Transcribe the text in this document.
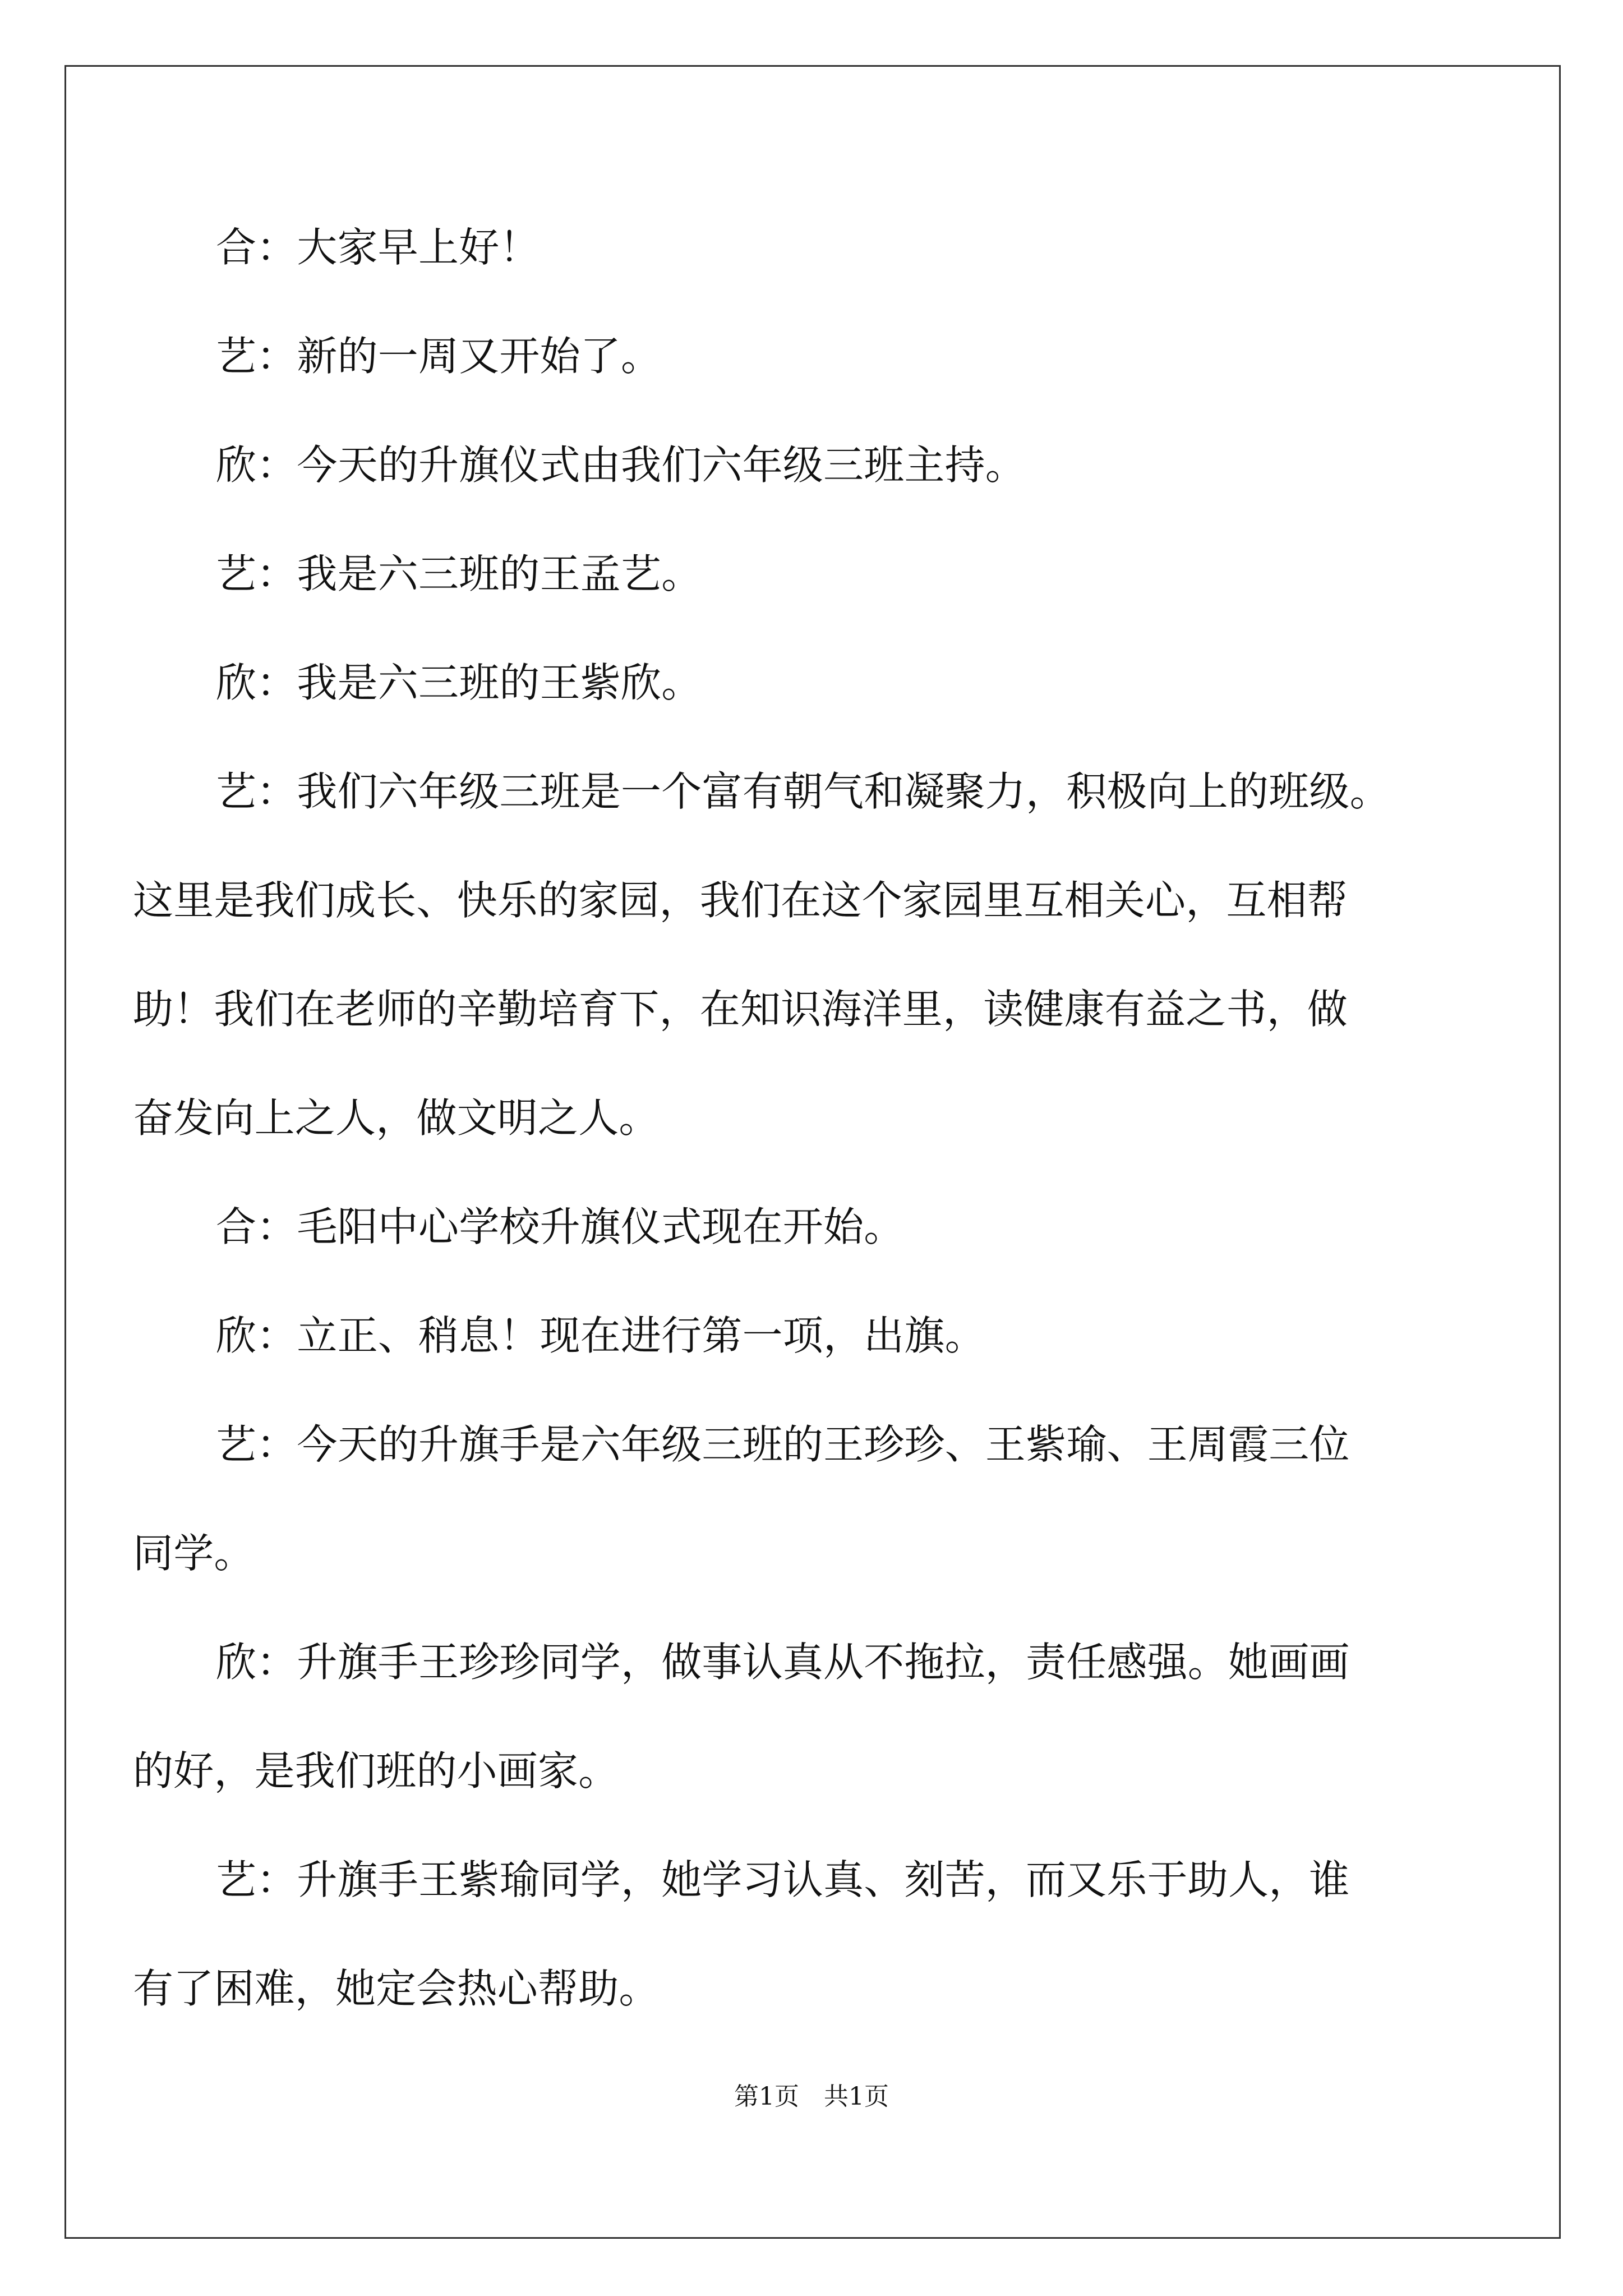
合：大家早上好！

艺：新的一周又开始了。

欣：今天的升旗仪式由我们六年级三班主持。

艺：我是六三班的王孟艺。

欣：我是六三班的王紫欣。

艺：我们六年级三班是一个富有朝气和凝聚力，积极向上的班级。
这里是我们成长、快乐的家园，我们在这个家园里互相关心，互相帮
助！我们在老师的辛勤培育下，在知识海洋里，读健康有益之书，做
奋发向上之人，做文明之人。

合：毛阳中心学校升旗仪式现在开始。

欣：立正、稍息！现在进行第一项，出旗。

艺：今天的升旗手是六年级三班的王珍珍、王紫瑜、王周霞三位
同学。

欣：升旗手王珍珍同学，做事认真从不拖拉，责任感强。她画画
的好，是我们班的小画家。

艺：升旗手王紫瑜同学，她学习认真、刻苦，而又乐于助人，谁
有了困难，她定会热心帮助。

第1页　共1页
